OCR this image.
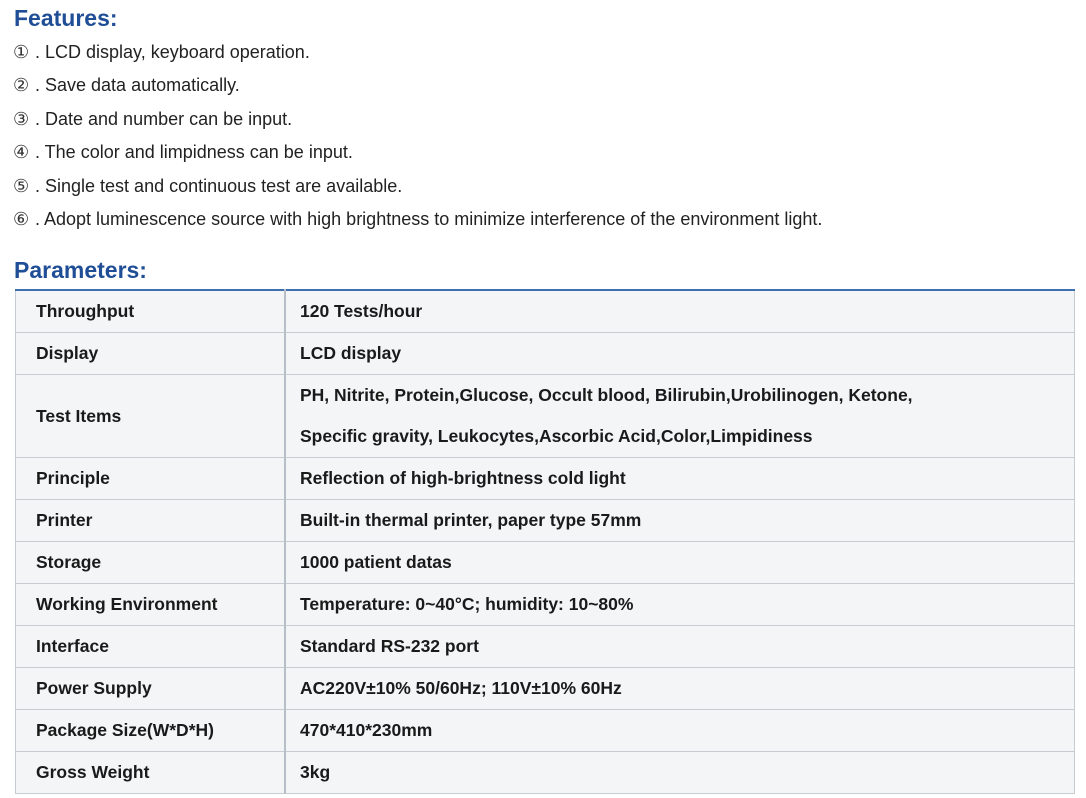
Features:
① . LCD display, keyboard operation.
② . Save data automatically.
③ . Date and number can be input.
④ . The color and limpidness can be input.
⑤ . Single test and continuous test are available.
⑥ . Adopt luminescence source with high brightness to minimize interference of the environment light.
Parameters:
Throughput	120 Tests/hour

Display	LCD display

Test Items	PH, Nitrite, Protein,Glucose, Occult blood, Bilirubin,Urobilinogen, Ketone,
Specific gravity, Leukocytes,Ascorbic Acid,Color,Limpidiness

Principle	Reflection of high-brightness cold light

Printer	Built-in thermal printer, paper type 57mm

Storage	1000 patient datas

Working Environment	Temperature: 0~40°C; humidity: 10~80%

Interface	Standard RS-232 port

Power Supply	AC220V±10% 50/60Hz; 110V±10% 60Hz

Package Size(W*D*H)	470*410*230mm

Gross Weight	3kg
